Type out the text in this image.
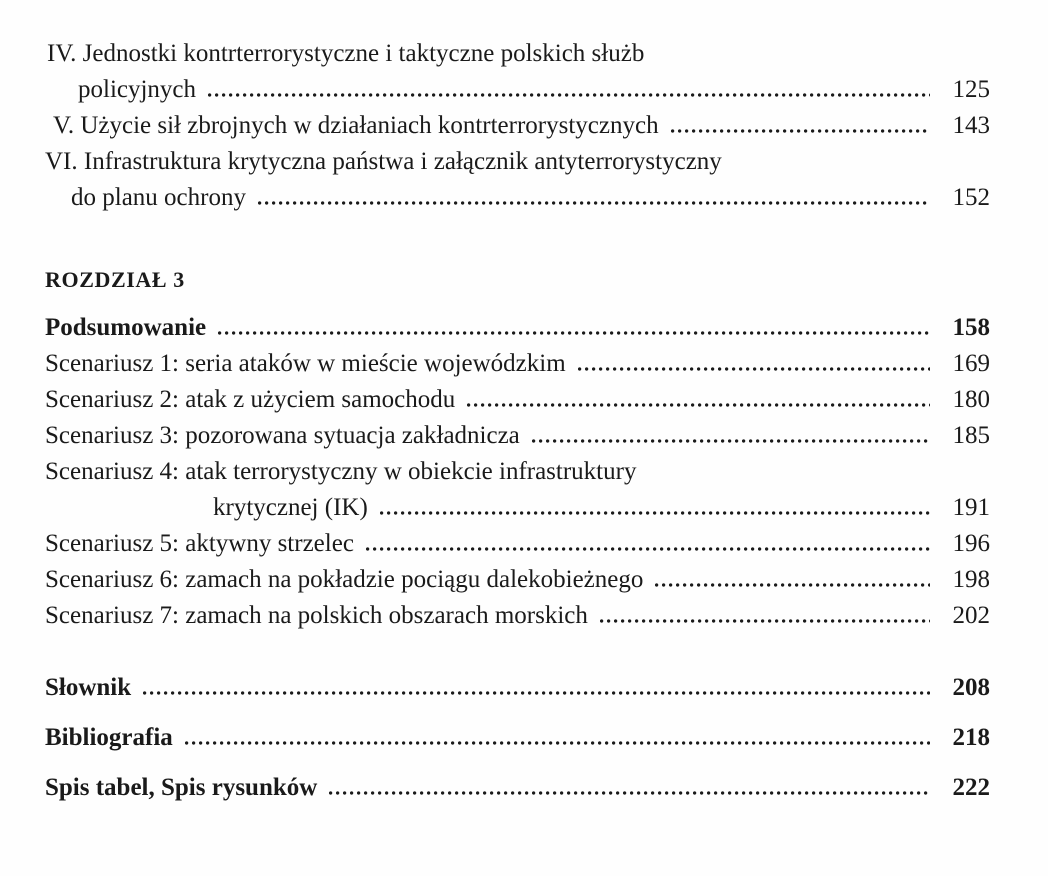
IV. Jednostki kontrterrorystyczne i taktyczne polskich służb
policyjnych	125
V. Użycie sił zbrojnych w działaniach kontrterrorystycznych	143
VI. Infrastruktura krytyczna państwa i załącznik antyterrorystyczny
do planu ochrony	152
ROZDZIAŁ 3
Podsumowanie	158
Scenariusz 1: seria ataków w mieście wojewódzkim	169
Scenariusz 2: atak z użyciem samochodu	180
Scenariusz 3: pozorowana sytuacja zakładnicza	185
Scenariusz 4: atak terrorystyczny w obiekcie infrastruktury
krytycznej (IK)	191
Scenariusz 5: aktywny strzelec	196
Scenariusz 6: zamach na pokładzie pociągu dalekobieżnego	198
Scenariusz 7: zamach na polskich obszarach morskich	202
Słownik	208
Bibliografia	218
Spis tabel, Spis rysunków	222
